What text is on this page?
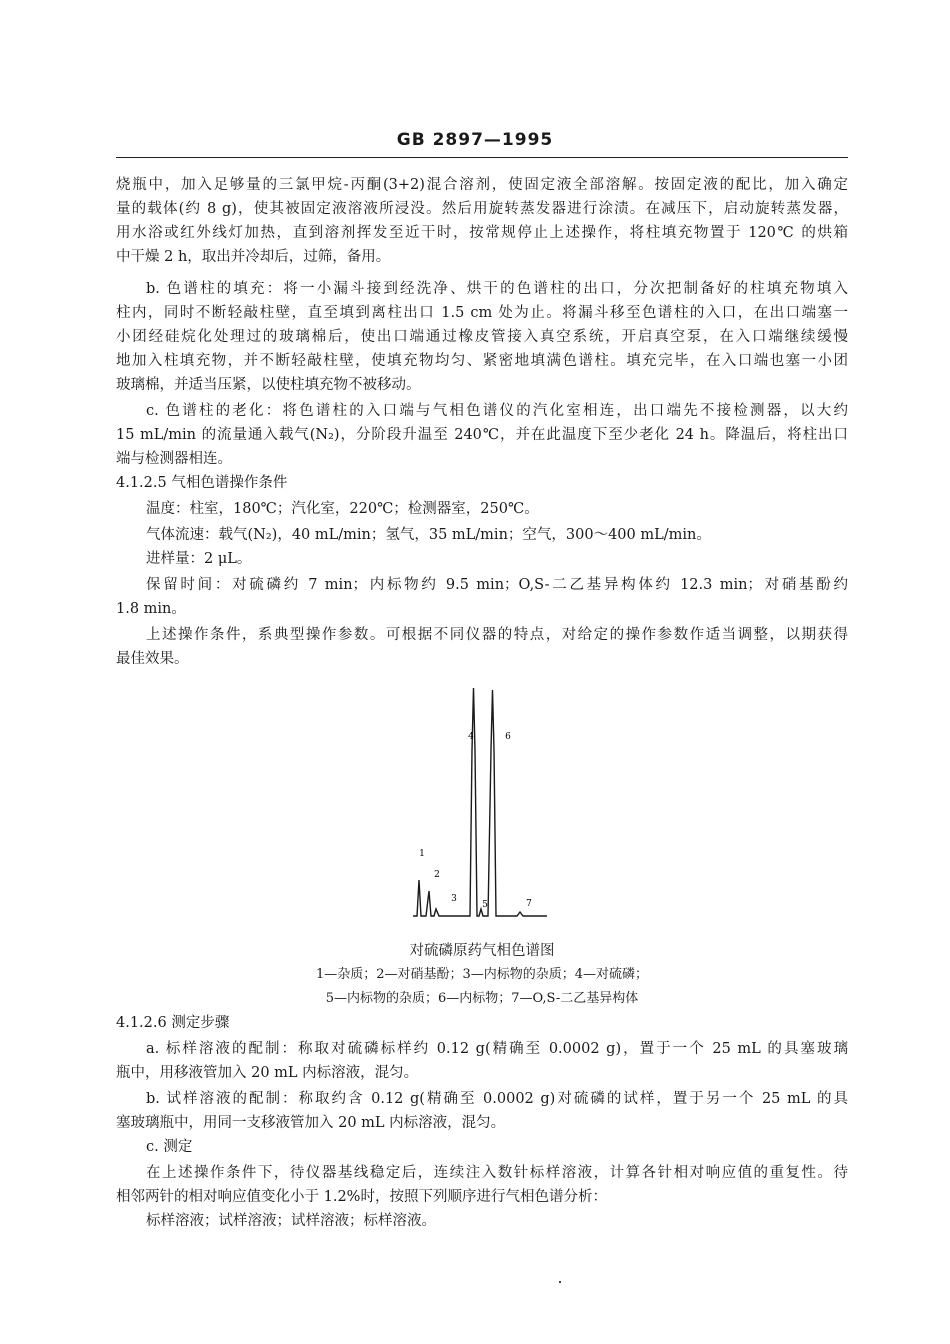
GB 2897—1995
烧瓶中，加入足够量的三氯甲烷-丙酮(3+2)混合溶剂，使固定液全部溶解。按固定液的配比，加入确定
量的载体(约 8 g)，使其被固定液溶液所浸没。然后用旋转蒸发器进行涂渍。在减压下，启动旋转蒸发器，
用水浴或红外线灯加热，直到溶剂挥发至近干时，按常规停止上述操作，将柱填充物置于 120℃ 的烘箱
中干燥 2 h，取出并冷却后，过筛，备用。
b. 色谱柱的填充：将一小漏斗接到经洗净、烘干的色谱柱的出口，分次把制备好的柱填充物填入
柱内，同时不断轻敲柱壁，直至填到离柱出口 1.5 cm 处为止。将漏斗移至色谱柱的入口，在出口端塞一
小团经硅烷化处理过的玻璃棉后，使出口端通过橡皮管接入真空系统，开启真空泵，在入口端继续缓慢
地加入柱填充物，并不断轻敲柱壁，使填充物均匀、紧密地填满色谱柱。填充完毕，在入口端也塞一小团
玻璃棉，并适当压紧，以使柱填充物不被移动。
c. 色谱柱的老化：将色谱柱的入口端与气相色谱仪的汽化室相连，出口端先不接检测器，以大约
15 mL/min 的流量通入载气(N₂)，分阶段升温至 240℃，并在此温度下至少老化 24 h。降温后，将柱出口
端与检测器相连。
4.1.2.5 气相色谱操作条件
温度：柱室，180℃；汽化室，220℃；检测器室，250℃。
气体流速：载气(N₂)，40 mL/min；氢气，35 mL/min；空气，300～400 mL/min。
进样量：2 μL。
保留时间：对硫磷约 7 min；内标物约 9.5 min；O,S-二乙基异构体约 12.3 min；对硝基酚约
1.8 min。
上述操作条件，系典型操作参数。可根据不同仪器的特点，对给定的操作参数作适当调整，以期获得
最佳效果。
1
2
3
4
5
6
7
对硫磷原药气相色谱图
1—杂质；2—对硝基酚；3—内标物的杂质；4—对硫磷；
5—内标物的杂质；6—内标物；7—O,S-二乙基异构体
4.1.2.6 测定步骤
a. 标样溶液的配制：称取对硫磷标样约 0.12 g(精确至 0.0002 g)，置于一个 25 mL 的具塞玻璃
瓶中，用移液管加入 20 mL 内标溶液，混匀。
b. 试样溶液的配制：称取约含 0.12 g(精确至 0.0002 g)对硫磷的试样，置于另一个 25 mL 的具
塞玻璃瓶中，用同一支移液管加入 20 mL 内标溶液，混匀。
c. 测定
在上述操作条件下，待仪器基线稳定后，连续注入数针标样溶液，计算各针相对响应值的重复性。待
相邻两针的相对响应值变化小于 1.2%时，按照下列顺序进行气相色谱分析：
标样溶液；试样溶液；试样溶液；标样溶液。
